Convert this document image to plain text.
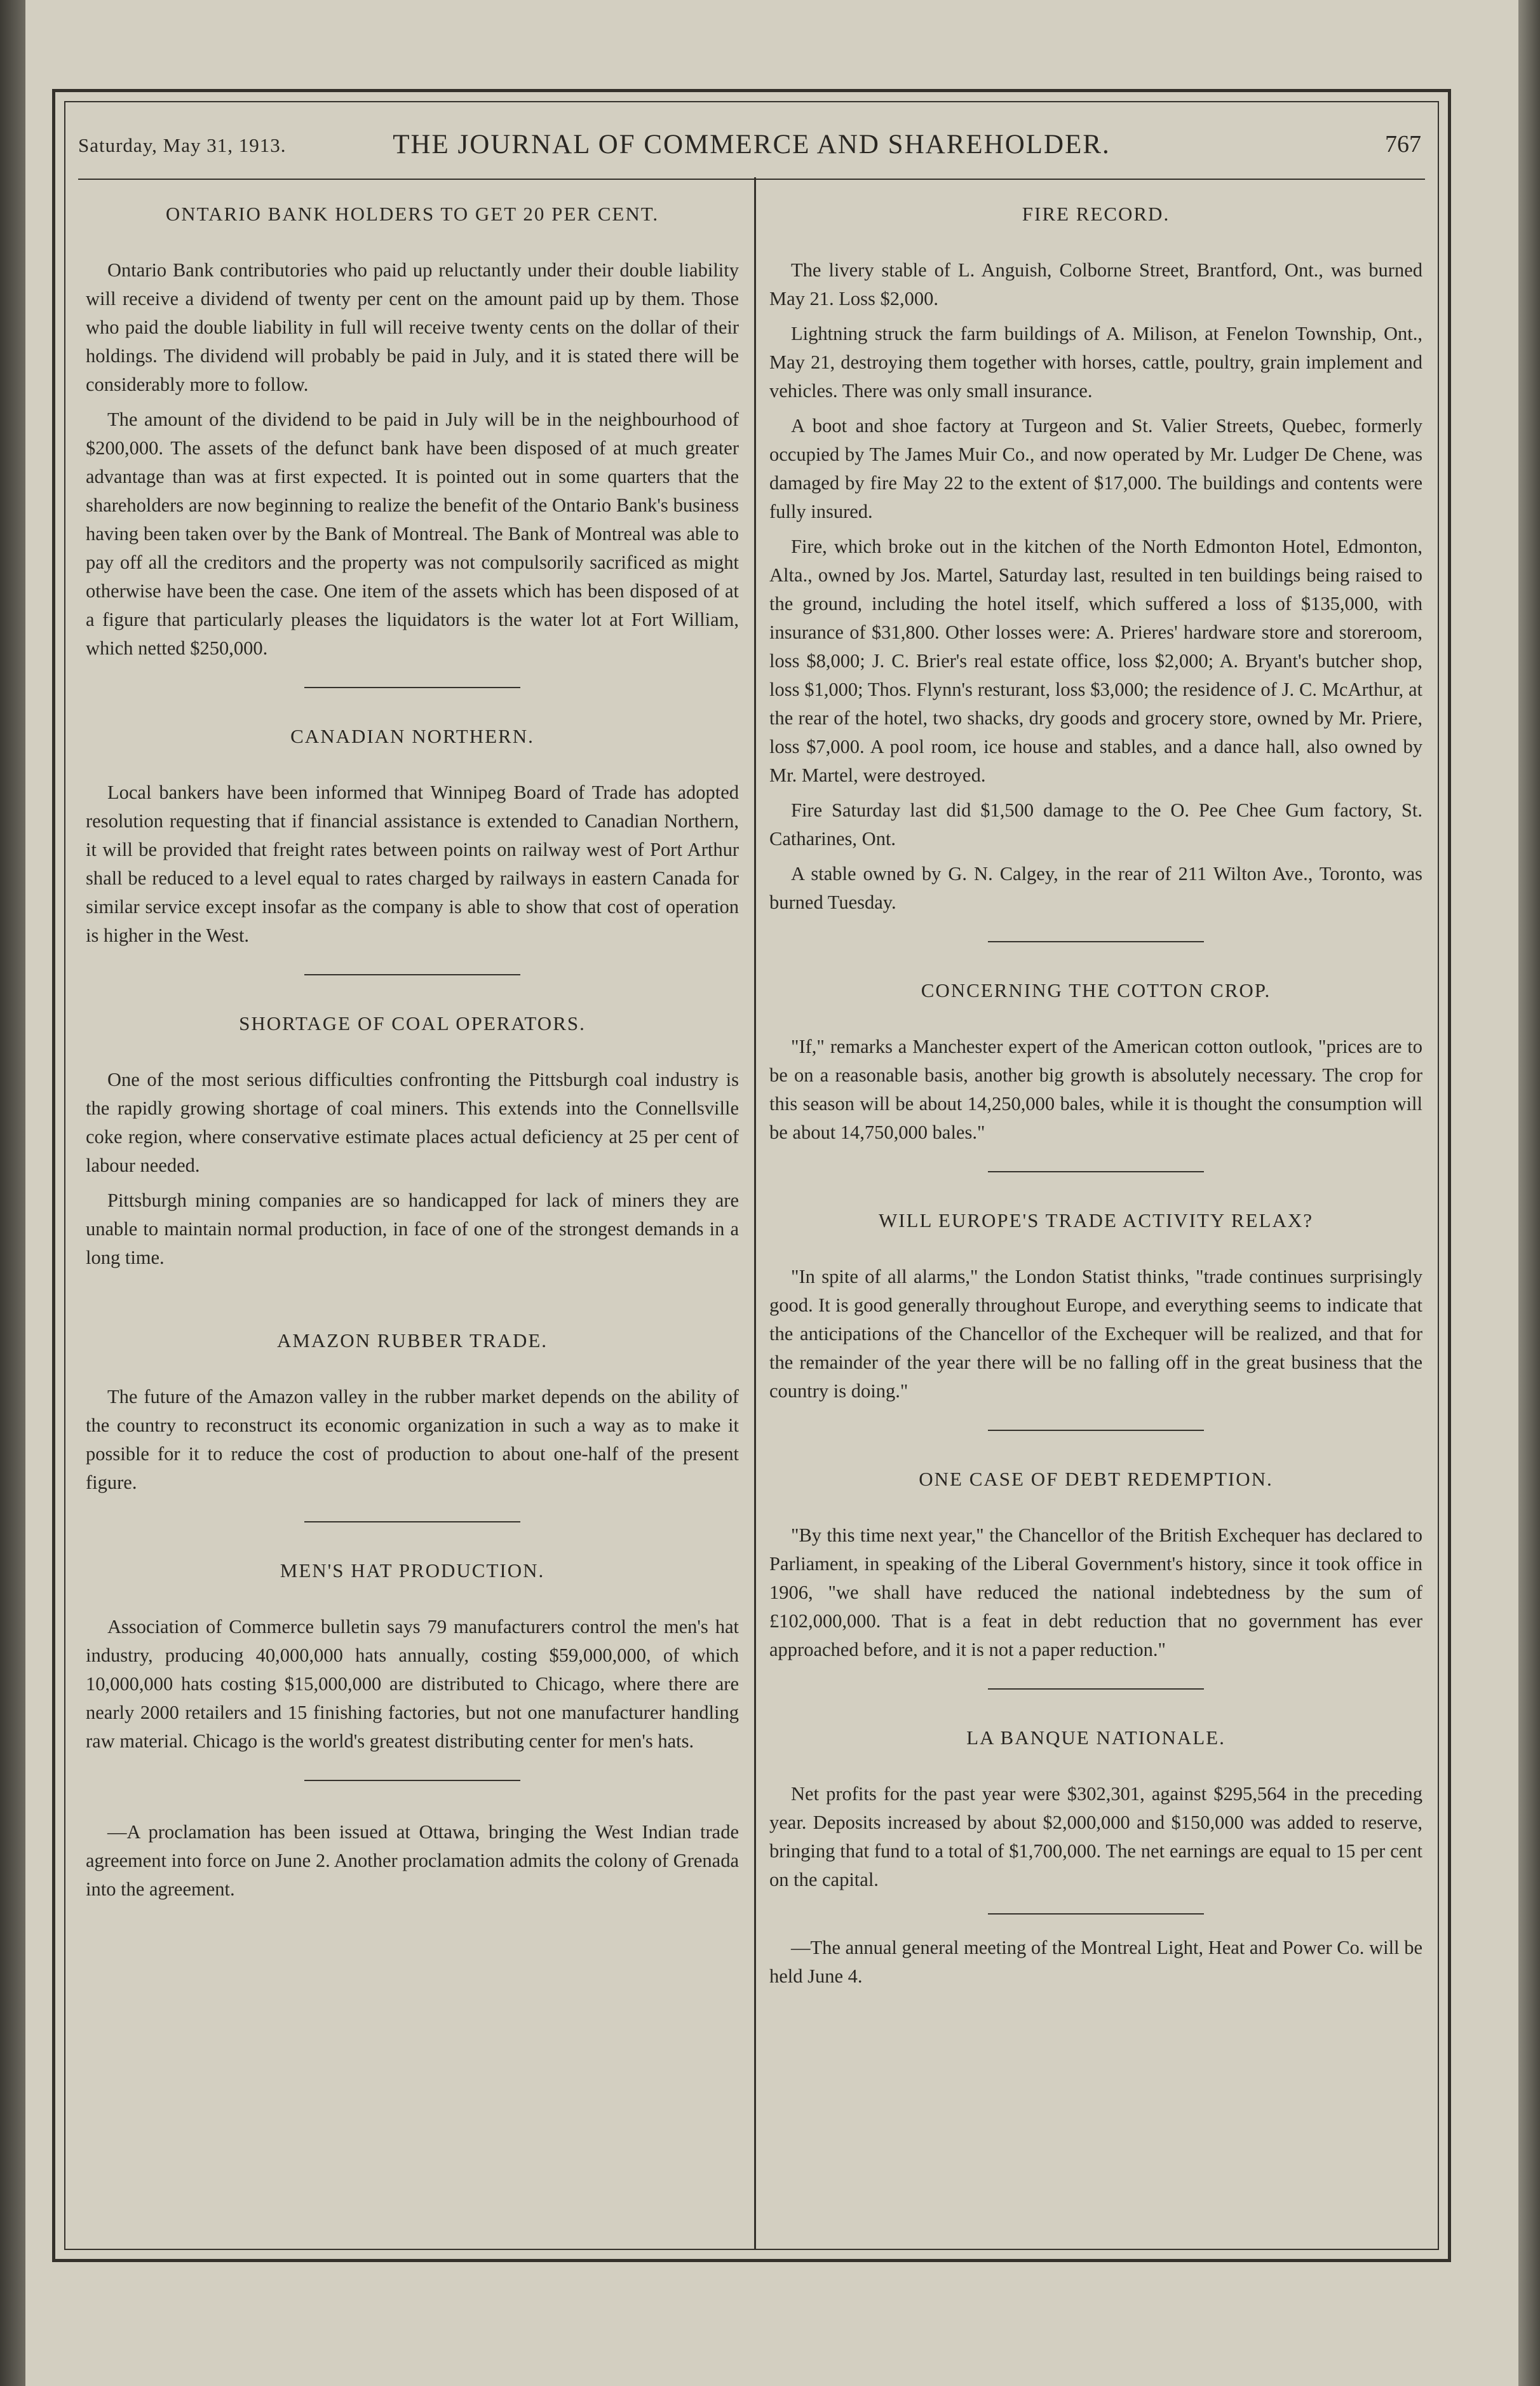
Saturday, May 31, 1913.	THE JOURNAL OF COMMERCE AND SHAREHOLDER.	767
ONTARIO BANK HOLDERS TO GET 20 PER CENT.

Ontario Bank contributories who paid up reluctantly under their double liability will receive a dividend of twenty per cent on the amount paid up by them. Those who paid the double liability in full will receive twenty cents on the dollar of their holdings. The dividend will probably be paid in July, and it is stated there will be considerably more to follow.

The amount of the dividend to be paid in July will be in the neighbourhood of $200,000. The assets of the defunct bank have been disposed of at much greater advantage than was at first expected. It is pointed out in some quarters that the shareholders are now beginning to realize the benefit of the Ontario Bank's business having been taken over by the Bank of Montreal. The Bank of Montreal was able to pay off all the creditors and the property was not compulsorily sacrificed as might otherwise have been the case. One item of the assets which has been disposed of at a figure that particularly pleases the liquidators is the water lot at Fort William, which netted $250,000.

CANADIAN NORTHERN.

Local bankers have been informed that Winnipeg Board of Trade has adopted resolution requesting that if financial assistance is extended to Canadian Northern, it will be provided that freight rates between points on railway west of Port Arthur shall be reduced to a level equal to rates charged by railways in eastern Canada for similar service except insofar as the company is able to show that cost of operation is higher in the West.

SHORTAGE OF COAL OPERATORS.

One of the most serious difficulties confronting the Pittsburgh coal industry is the rapidly growing shortage of coal miners. This extends into the Connellsville coke region, where conservative estimate places actual deficiency at 25 per cent of labour needed.

Pittsburgh mining companies are so handicapped for lack of miners they are unable to maintain normal production, in face of one of the strongest demands in a long time.

AMAZON RUBBER TRADE.

The future of the Amazon valley in the rubber market depends on the ability of the country to reconstruct its economic organization in such a way as to make it possible for it to reduce the cost of production to about one-half of the present figure.

MEN'S HAT PRODUCTION.

Association of Commerce bulletin says 79 manufacturers control the men's hat industry, producing 40,000,000 hats annually, costing $59,000,000, of which 10,000,000 hats costing $15,000,000 are distributed to Chicago, where there are nearly 2000 retailers and 15 finishing factories, but not one manufacturer handling raw material. Chicago is the world's greatest distributing center for men's hats.

—A proclamation has been issued at Ottawa, bringing the West Indian trade agreement into force on June 2. Another proclamation admits the colony of Grenada into the agreement.

FIRE RECORD.

The livery stable of L. Anguish, Colborne Street, Brantford, Ont., was burned May 21. Loss $2,000.

Lightning struck the farm buildings of A. Milison, at Fenelon Township, Ont., May 21, destroying them together with horses, cattle, poultry, grain implement and vehicles. There was only small insurance.

A boot and shoe factory at Turgeon and St. Valier Streets, Quebec, formerly occupied by The James Muir Co., and now operated by Mr. Ludger De Chene, was damaged by fire May 22 to the extent of $17,000. The buildings and contents were fully insured.

Fire, which broke out in the kitchen of the North Edmonton Hotel, Edmonton, Alta., owned by Jos. Martel, Saturday last, resulted in ten buildings being raised to the ground, including the hotel itself, which suffered a loss of $135,000, with insurance of $31,800. Other losses were: A. Prieres' hardware store and storeroom, loss $8,000; J. C. Brier's real estate office, loss $2,000; A. Bryant's butcher shop, loss $1,000; Thos. Flynn's resturant, loss $3,000; the residence of J. C. McArthur, at the rear of the hotel, two shacks, dry goods and grocery store, owned by Mr. Priere, loss $7,000. A pool room, ice house and stables, and a dance hall, also owned by Mr. Martel, were destroyed.

Fire Saturday last did $1,500 damage to the O. Pee Chee Gum factory, St. Catharines, Ont.

A stable owned by G. N. Calgey, in the rear of 211 Wilton Ave., Toronto, was burned Tuesday.

CONCERNING THE COTTON CROP.

"If," remarks a Manchester expert of the American cotton outlook, "prices are to be on a reasonable basis, another big growth is absolutely necessary. The crop for this season will be about 14,250,000 bales, while it is thought the consumption will be about 14,750,000 bales."

WILL EUROPE'S TRADE ACTIVITY RELAX?

"In spite of all alarms," the London Statist thinks, "trade continues surprisingly good. It is good generally throughout Europe, and everything seems to indicate that the anticipations of the Chancellor of the Exchequer will be realized, and that for the remainder of the year there will be no falling off in the great business that the country is doing."

ONE CASE OF DEBT REDEMPTION.

"By this time next year," the Chancellor of the British Exchequer has declared to Parliament, in speaking of the Liberal Government's history, since it took office in 1906, "we shall have reduced the national indebtedness by the sum of £102,000,000. That is a feat in debt reduction that no government has ever approached before, and it is not a paper reduction."

LA BANQUE NATIONALE.

Net profits for the past year were $302,301, against $295,564 in the preceding year. Deposits increased by about $2,000,000 and $150,000 was added to reserve, bringing that fund to a total of $1,700,000. The net earnings are equal to 15 per cent on the capital.

—The annual general meeting of the Montreal Light, Heat and Power Co. will be held June 4.
